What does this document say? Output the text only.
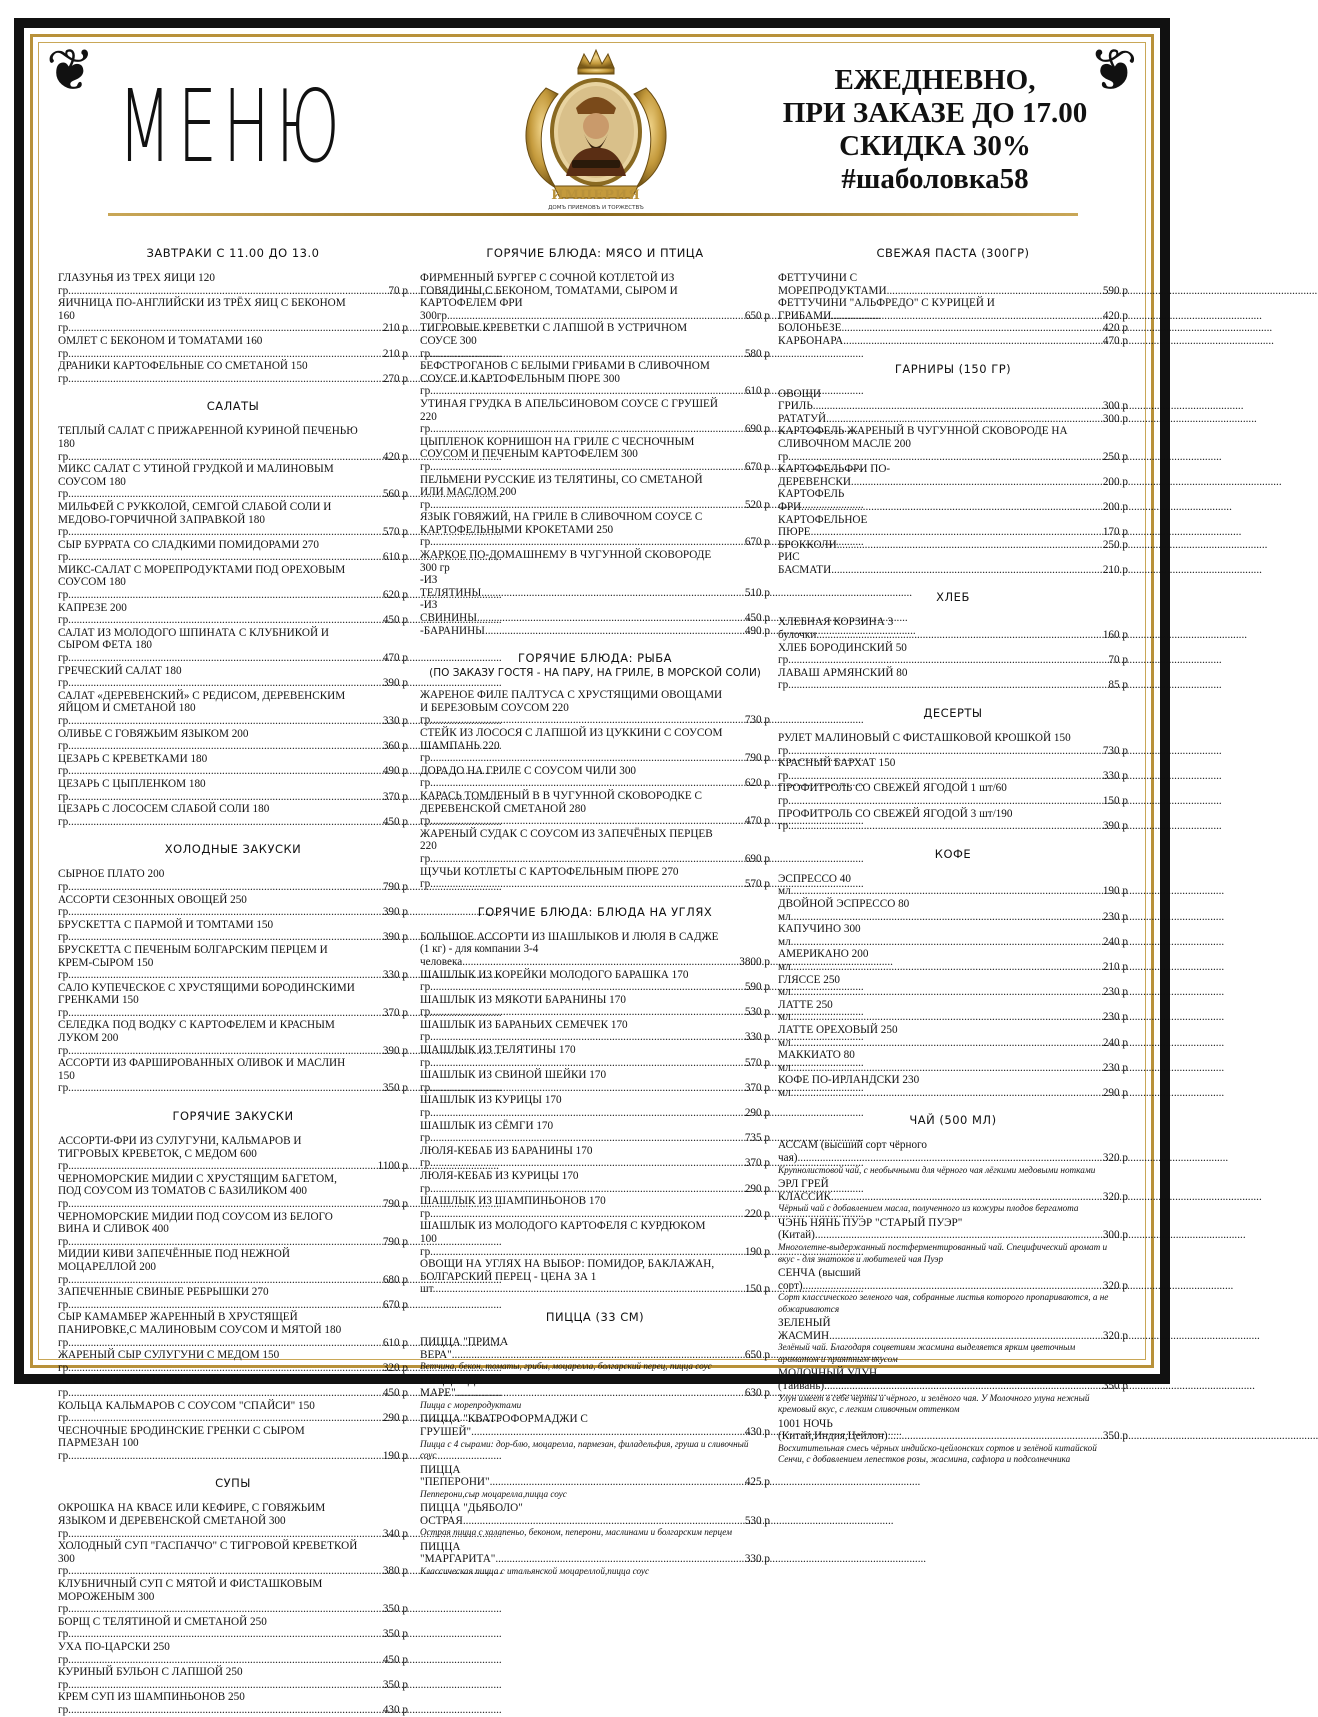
❦	❦
МЕНЮ
ИМПЕРИЯ
ДОМЪ ПРИЕМОВЪ И ТОРЖЕСТВЪ
ЕЖЕДНЕВНО,
ПРИ ЗАКАЗЕ ДО 17.00
СКИДКА 30%
#шаболовка58
ЗАВТРАКИ С 11.00 ДО 13.0
ГЛАЗУНЬЯ ИЗ ТРЕХ ЯИЦИ 120 гр. .....	70 р
ЯИЧНИЦА ПО-АНГЛИЙСКИ ИЗ ТРЁХ ЯИЦ С БЕКОНОМ 160 гр. .....	210 р
ОМЛЕТ С БЕКОНОМ И ТОМАТАМИ 160 гр. .....	210 р
ДРАНИКИ КАРТОФЕЛЬНЫЕ СО СМЕТАНОЙ 150 гр. .....	270 р
САЛАТЫ
ТЕПЛЫЙ САЛАТ С ПРИЖАРЕННОЙ КУРИНОЙ ПЕЧЕНЬЮ 180 гр. .....	420 р
МИКС САЛАТ С УТИНОЙ ГРУДКОЙ И МАЛИНОВЫМ СОУСОМ 180 гр. .....	560 р
МИЛЬФЕЙ С РУККОЛОЙ, СЕМГОЙ СЛАБОЙ СОЛИ И МЕДОВО-ГОРЧИЧНОЙ ЗАПРАВКОЙ 180 гр. .....	570 р
СЫР БУРРАТА СО СЛАДКИМИ ПОМИДОРАМИ 270 гр. .....	610 р
МИКС-САЛАТ С МОРЕПРОДУКТАМИ ПОД ОРЕХОВЫМ СОУСОМ 180 гр. .....	620 р
КАПРЕЗЕ 200 гр. .....	450 р
САЛАТ ИЗ МОЛОДОГО ШПИНАТА С КЛУБНИКОЙ И СЫРОМ ФЕТА 180 гр. .....	470 р
ГРЕЧЕСКИЙ САЛАТ 180 гр. .....	390 р
САЛАТ «ДЕРЕВЕНСКИЙ» С РЕДИСОМ, ДЕРЕВЕНСКИМ ЯЙЦОМ И СМЕТАНОЙ 180 гр. .....	330 р
ОЛИВЬЕ С ГОВЯЖЬИМ ЯЗЫКОМ 200 гр. .....	360 р
ЦЕЗАРЬ С КРЕВЕТКАМИ 180 гр. .....	490 р
ЦЕЗАРЬ С ЦЫПЛЕНКОМ 180 гр. .....	370 р
ЦЕЗАРЬ С ЛОСОСЕМ СЛАБОЙ СОЛИ 180 гр. .....	450 р
ХОЛОДНЫЕ ЗАКУСКИ
СЫРНОЕ ПЛАТО 200 гр. .....	790 р
АССОРТИ СЕЗОННЫХ ОВОЩЕЙ 250 гр. .....	390 р
БРУСКЕТТА С ПАРМОЙ И ТОМТАМИ 150 гр. .....	390 р
БРУСКЕТТА С ПЕЧЕНЫМ БОЛГАРСКИМ ПЕРЦЕМ И КРЕМ-СЫРОМ 150 гр. .....	330 р
САЛО КУПЕЧЕСКОЕ С ХРУСТЯЩИМИ БОРОДИНСКИМИ ГРЕНКАМИ 150 гр. .....	370 р
СЕЛЕДКА ПОД ВОДКУ С КАРТОФЕЛЕМ И КРАСНЫМ ЛУКОМ 200 гр. .....	390 р
АССОРТИ ИЗ ФАРШИРОВАННЫХ ОЛИВОК И МАСЛИН 150 гр. .....	350 р
ГОРЯЧИЕ ЗАКУСКИ
АССОРТИ-ФРИ ИЗ СУЛУГУНИ, КАЛЬМАРОВ И ТИГРОВЫХ КРЕВЕТОК, С МЕДОМ 600 гр .....	1100 р
ЧЕРНОМОРСКИЕ МИДИИ С ХРУСТЯЩИМ БАГЕТОМ, ПОД СОУСОМ ИЗ ТОМАТОВ С БАЗИЛИКОМ 400 гр. .....	790 р
ЧЕРНОМОРСКИЕ МИДИИ ПОД СОУСОМ ИЗ БЕЛОГО ВИНА И СЛИВОК 400 гр. .....	790 р
МИДИИ КИВИ ЗАПЕЧЁННЫЕ ПОД НЕЖНОЙ МОЦАРЕЛЛОЙ 200 гр. .....	680 р
ЗАПЕЧЕННЫЕ СВИНЫЕ РЕБРЫШКИ 270 гр. .....	670 р
СЫР КАМАМБЕР ЖАРЕННЫЙ В ХРУСТЯЩЕЙ ПАНИРОВКЕ,С МАЛИНОВЫМ СОУСОМ И МЯТОЙ 180 гр. .....	610 р
ЖАРЕНЫЙ СЫР СУЛУГУНИ С МЕДОМ 150 гр. .....	320 р
КУРИНЫЕ КРЫЛЫШКИ БАРБЕКЮ 250 гр. .....	450 р
КОЛЬЦА КАЛЬМАРОВ С СОУСОМ "СПАЙСИ" 150 гр. .....	290 р
ЧЕСНОЧНЫЕ БРОДИНСКИЕ ГРЕНКИ С СЫРОМ ПАРМЕЗАН 100 гр. .....	190 р
СУПЫ
ОКРОШКА НА КВАСЕ ИЛИ КЕФИРЕ, С ГОВЯЖЬИМ ЯЗЫКОМ И ДЕРЕВЕНСКОЙ СМЕТАНОЙ 300 гр. .....	340 р
ХОЛОДНЫЙ СУП "ГАСПАЧЧО" С ТИГРОВОЙ КРЕВЕТКОЙ 300 гр. .....	380 р
КЛУБНИЧНЫЙ СУП С МЯТОЙ И ФИСТАШКОВЫМ МОРОЖЕНЫМ 300 гр. .....	350 р
БОРЩ С ТЕЛЯТИНОЙ И СМЕТАНОЙ 250 гр. .....	350 р
УХА ПО-ЦАРСКИ 250 гр. .....	450 р
КУРИНЫЙ БУЛЬОН С ЛАПШОЙ 250 гр. .....	350 р
КРЕМ СУП ИЗ ШАМПИНЬОНОВ 250 гр. .....	430 р
ГОРЯЧИЕ БЛЮДА: МЯСО И ПТИЦА
ФИРМЕННЫЙ БУРГЕР С СОЧНОЙ КОТЛЕТОЙ ИЗ ГОВЯДИНЫ,С БЕКОНОМ, ТОМАТАМИ, СЫРОМ И КАРТОФЕЛЕМ ФРИ 300гр. .....	650 р
ТИГРОВЫЕ КРЕВЕТКИ С ЛАПШОЙ В УСТРИЧНОМ СОУСЕ 300 гр. .....	580 р
БЕФСТРОГАНОВ С БЕЛЫМИ ГРИБАМИ В СЛИВОЧНОМ СОУСЕ И КАРТОФЕЛЬНЫМ ПЮРЕ 300 гр. .....	610 р
УТИНАЯ ГРУДКА В АПЕЛЬСИНОВОМ СОУСЕ С ГРУШЕЙ 220 гр. .....	690 р
ЦЫПЛЕНОК КОРНИШОН НА ГРИЛЕ С ЧЕСНОЧНЫМ СОУСОМ И ПЕЧЕНЫМ КАРТОФЕЛЕМ 300 гр. .....	670 р
ПЕЛЬМЕНИ РУССКИЕ ИЗ ТЕЛЯТИНЫ, СО СМЕТАНОЙ ИЛИ МАСЛОМ 200 гр. .....	520 р
ЯЗЫК ГОВЯЖИЙ, НА ГРИЛЕ В СЛИВОЧНОМ СОУСЕ С КАРТОФЕЛЬНЫМИ КРОКЕТАМИ 250 гр. .....	670 р
ЖАРКОЕ ПО-ДОМАШНЕМУ В ЧУГУННОЙ СКОВОРОДЕ 300 гр
-ИЗ ТЕЛЯТИНЫ .....	510 р
-ИЗ СВИНИНЫ .....	450 р
-БАРАНИНЫ .....	490 р
ГОРЯЧИЕ БЛЮДА: РЫБА
(ПО ЗАКАЗУ ГОСТЯ - НА ПАРУ, НА ГРИЛЕ, В МОРСКОЙ СОЛИ)
ЖАРЕНОЕ ФИЛЕ ПАЛТУСА С ХРУСТЯЩИМИ ОВОЩАМИ И БЕРЕЗОВЫМ СОУСОМ 220 гр. .....	730 р
СТЕЙК ИЗ ЛОСОСЯ С ЛАПШОЙ ИЗ ЦУККИНИ С СОУСОМ ШАМПАНЬ 220 гр. .....	790 р
ДОРАДО НА ГРИЛЕ С СОУСОМ ЧИЛИ 300 гр. .....	620 р
КАРАСЬ ТОМЛЕНЫЙ В В ЧУГУННОЙ СКОВОРОДКЕ С ДЕРЕВЕНСКОЙ СМЕТАНОЙ 280 гр. .....	470 р
ЖАРЕНЫЙ СУДАК С СОУСОМ ИЗ ЗАПЕЧЁНЫХ ПЕРЦЕВ 220 гр. .....	690 р
ЩУЧЬИ КОТЛЕТЫ С КАРТОФЕЛЬНЫМ ПЮРЕ 270 гр. .....	570 р
ГОРЯЧИЕ БЛЮДА: БЛЮДА НА УГЛЯХ
БОЛЬШОЕ АССОРТИ ИЗ ШАШЛЫКОВ И ЛЮЛЯ В САДЖЕ (1 кг) - для компании 3-4 человека .....	3800 р
ШАШЛЫК ИЗ КОРЕЙКИ МОЛОДОГО БАРАШКА 170 гр. .....	590 р
ШАШЛЫК ИЗ МЯКОТИ БАРАНИНЫ 170 гр. .....	530 р
ШАШЛЫК ИЗ БАРАНЬИХ СЕМЕЧЕК 170 гр. .....	330 р
ШАШЛЫК ИЗ ТЕЛЯТИНЫ 170 гр. .....	570 р
ШАШЛЫК ИЗ СВИНОЙ ШЕЙКИ 170 гр. .....	370 р
ШАШЛЫК ИЗ КУРИЦЫ 170 гр. .....	290 р
ШАШЛЫК ИЗ СЁМГИ 170 гр. .....	735 р
ЛЮЛЯ-КЕБАБ ИЗ БАРАНИНЫ 170 гр. .....	370 р
ЛЮЛЯ-КЕБАБ ИЗ КУРИЦЫ 170 гр. .....	290 р
ШАШЛЫК ИЗ ШАМПИНЬОНОВ 170 гр. .....	220 р
ШАШЛЫК ИЗ МОЛОДОГО КАРТОФЕЛЯ С КУРДЮКОМ 100 гр. .....	190 р
ОВОЩИ НА УГЛЯХ НА ВЫБОР: ПОМИДОР, БАКЛАЖАН, БОЛГАРСКИЙ ПЕРЕЦ - ЦЕНА ЗА 1 шт .....	150 р
ПИЦЦА (33 СМ)
ПИЦЦА "ПРИМА ВЕРА" .....	650 р
Ветчина, бекон, томаты, грибы, моцарелла, болгарский перец, пицца соус
ПИЦЦА "ДЕ МАРЕ" .....	630 р
Пицца с морепродуктами
ПИЦЦА "КВАТРОФОРМАДЖИ С ГРУШЕЙ" .....	430 р
Пицца с 4 сырами: дор-блю, моцарелла, пармезан, филадельфия, груша и сливочный соус
ПИЦЦА "ПЕПЕРОНИ" .....	425 р
Пепперони,сыр моцарелла,пицца соус
ПИЦЦА "ДЬЯБОЛО" ОСТРАЯ .....	530 р
Острая пицца с халапеньо, беконом, пеперони, маслинами и болгарским перцем
ПИЦЦА "МАРГАРИТА" .....	330 р
Классическая пицца с итальянской моцареллой,пицца соус
СВЕЖАЯ ПАСТА (300ГР)
ФЕТТУЧИНИ С МОРЕПРОДУКТАМИ .....	590 р
ФЕТТУЧИНИ "АЛЬФРЕДО" С КУРИЦЕЙ И ГРИБАМИ .....	420 р
БОЛОНЬЕЗЕ .....	420 р
КАРБОНАРА .....	470 р
ГАРНИРЫ (150 ГР)
ОВОЩИ ГРИЛЬ .....	300 р
РАТАТУЙ .....	300 р
КАРТОФЕЛЬ ЖАРЕНЫЙ В ЧУГУННОЙ СКОВОРОДЕ НА СЛИВОЧНОМ МАСЛЕ 200 гр. .....	250 р
КАРТОФЕЛЬФРИ ПО-ДЕРЕВЕНСКИ .....	200 р
КАРТОФЕЛЬ ФРИ .....	200 р
КАРТОФЕЛЬНОЕ ПЮРЕ .....	170 р
БРОККОЛИ .....	250 р
РИС БАСМАТИ .....	210 р
ХЛЕБ
ХЛЕБНАЯ КОРЗИНА 3 булочки .....	160 р
ХЛЕБ БОРОДИНСКИЙ 50 гр. .....	70 р
ЛАВАШ АРМЯНСКИЙ 80 гр. .....	85 р
ДЕСЕРТЫ
РУЛЕТ МАЛИНОВЫЙ С ФИСТАШКОВОЙ КРОШКОЙ 150 гр. .....	730 р
КРАСНЫЙ БАРХАТ 150 гр. .....	330 р
ПРОФИТРОЛЬ СО СВЕЖЕЙ ЯГОДОЙ 1 шт/60 гр. .....	150 р
ПРОФИТРОЛЬ СО СВЕЖЕЙ ЯГОДОЙ 3 шт/190 гр. .....	390 р
КОФЕ
ЭСПРЕССО 40 мл. .....	190 р
ДВОЙНОЙ ЭСПРЕССО 80 мл. .....	230 р
КАПУЧИНО 300 мл. .....	240 р
АМЕРИКАНО 200 мл. .....	210 р
ГЛЯССЕ 250 мл. .....	230 р
ЛАТТЕ 250 мл. .....	230 р
ЛАТТЕ ОРЕХОВЫЙ 250 мл. .....	240 р
МАККИАТО 80 мл. .....	230 р
КОФЕ ПО-ИРЛАНДСКИ 230 мл. .....	290 р
ЧАЙ (500 МЛ)
АССАМ (высший сорт чёрного чая) .....	320 р
Крупнолистовой чай, с необычными для чёрного чая лёгкими медовыми нотками
ЭРЛ ГРЕЙ КЛАССИК .....	320 р
Чёрный чай с добавлением масла, полученного из кожуры плодов бергамота
ЧЭНЬ НЯНЬ ПУЭР "СТАРЫЙ ПУЭР" (Китай) .....	300 р
Многолетне-выдержанный постферментированный чай. Специфический аромат и вкус - для знатоков и любителей чая Пуэр
СЕНЧА (высший сорт) .....	320 р
Сорт классического зеленого чая, собранные листья которого пропариваются, а не обжариваются
ЗЕЛЕНЫЙ ЖАСМИН .....	320 р
Зелёный чай. Благодаря соцветиям жасмина выделяется ярким цветочным ароматом и приятным вкусом
МОЛОЧНЫЙ УЛУН (Тайвань) .....	350 р
Улун имеет в себе черты и чёрного, и зелёного чая. У Молочного улуна нежный кремовый вкус, с легким сливочным оттенком
1001 НОЧЬ (Китай,Индия,Цейлон) .....	350 р
Восхитительная смесь чёрных индийско-цейлонских сортов и зелёной китайской Сенчи, с добавлением лепестков розы, жасмина, сафлора и подсолнечника
